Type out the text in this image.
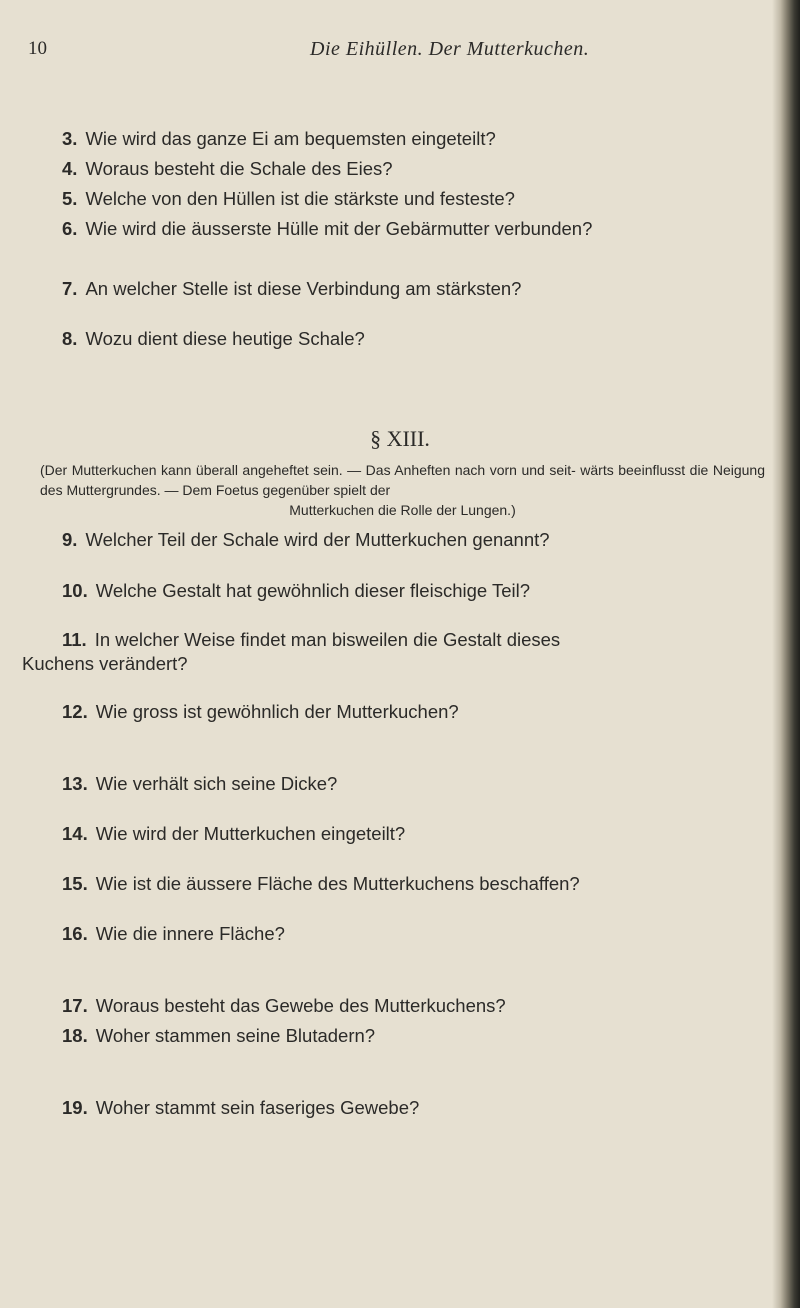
10	Die Eihüllen. Der Mutterkuchen.
3. Wie wird das ganze Ei am bequemsten eingeteilt?
4. Woraus besteht die Schale des Eies?
5. Welche von den Hüllen ist die stärkste und festeste?
6. Wie wird die äusserste Hülle mit der Gebärmutter verbunden?
7. An welcher Stelle ist diese Verbindung am stärksten?
8. Wozu dient diese heutige Schale?
§ XIII.
(Der Mutterkuchen kann überall angeheftet sein. — Das Anheften nach vorn und seit- wärts beeinflusst die Neigung des Muttergrundes. — Dem Foetus gegenüber spielt der
Mutterkuchen die Rolle der Lungen.)
9. Welcher Teil der Schale wird der Mutterkuchen genannt?
10. Welche Gestalt hat gewöhnlich dieser fleischige Teil?
11. In welcher Weise findet man bisweilen die Gestalt dieses
Kuchens verändert?
12. Wie gross ist gewöhnlich der Mutterkuchen?
13. Wie verhält sich seine Dicke?
14. Wie wird der Mutterkuchen eingeteilt?
15. Wie ist die äussere Fläche des Mutterkuchens beschaffen?
16. Wie die innere Fläche?
17. Woraus besteht das Gewebe des Mutterkuchens?
18. Woher stammen seine Blutadern?
19. Woher stammt sein faseriges Gewebe?
